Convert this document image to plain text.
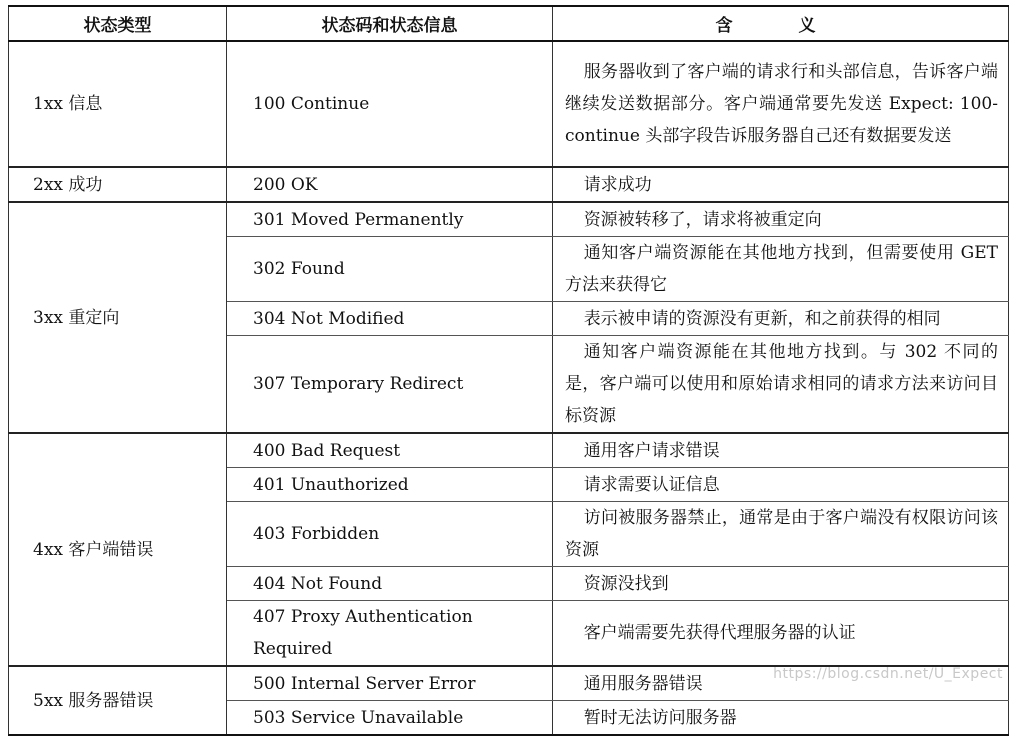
状态类型	状态码和状态信息	含 义
1xx 信息	100 Continue	服务器收到了客户端的请求行和头部信息，告诉客户端继续发送数据部分。客户端通常要先发送 Expect: 100-continue 头部字段告诉服务器自己还有数据要发送
2xx 成功	200 OK	请求成功
3xx 重定向	301 Moved Permanently	资源被转移了，请求将被重定向
	302 Found	通知客户端资源能在其他地方找到，但需要使用 GET 方法来获得它
	304 Not Modified	表示被申请的资源没有更新，和之前获得的相同
	307 Temporary Redirect	通知客户端资源能在其他地方找到。与 302 不同的是，客户端可以使用和原始请求相同的请求方法来访问目标资源
4xx 客户端错误	400 Bad Request	通用客户请求错误
	401 Unauthorized	请求需要认证信息
	403 Forbidden	访问被服务器禁止，通常是由于客户端没有权限访问该资源
	404 Not Found	资源没找到
	407 Proxy Authentication Required	客户端需要先获得代理服务器的认证
5xx 服务器错误	500 Internal Server Error	通用服务器错误
	503 Service Unavailable	暂时无法访问服务器
https://blog.csdn.net/U_Expect
